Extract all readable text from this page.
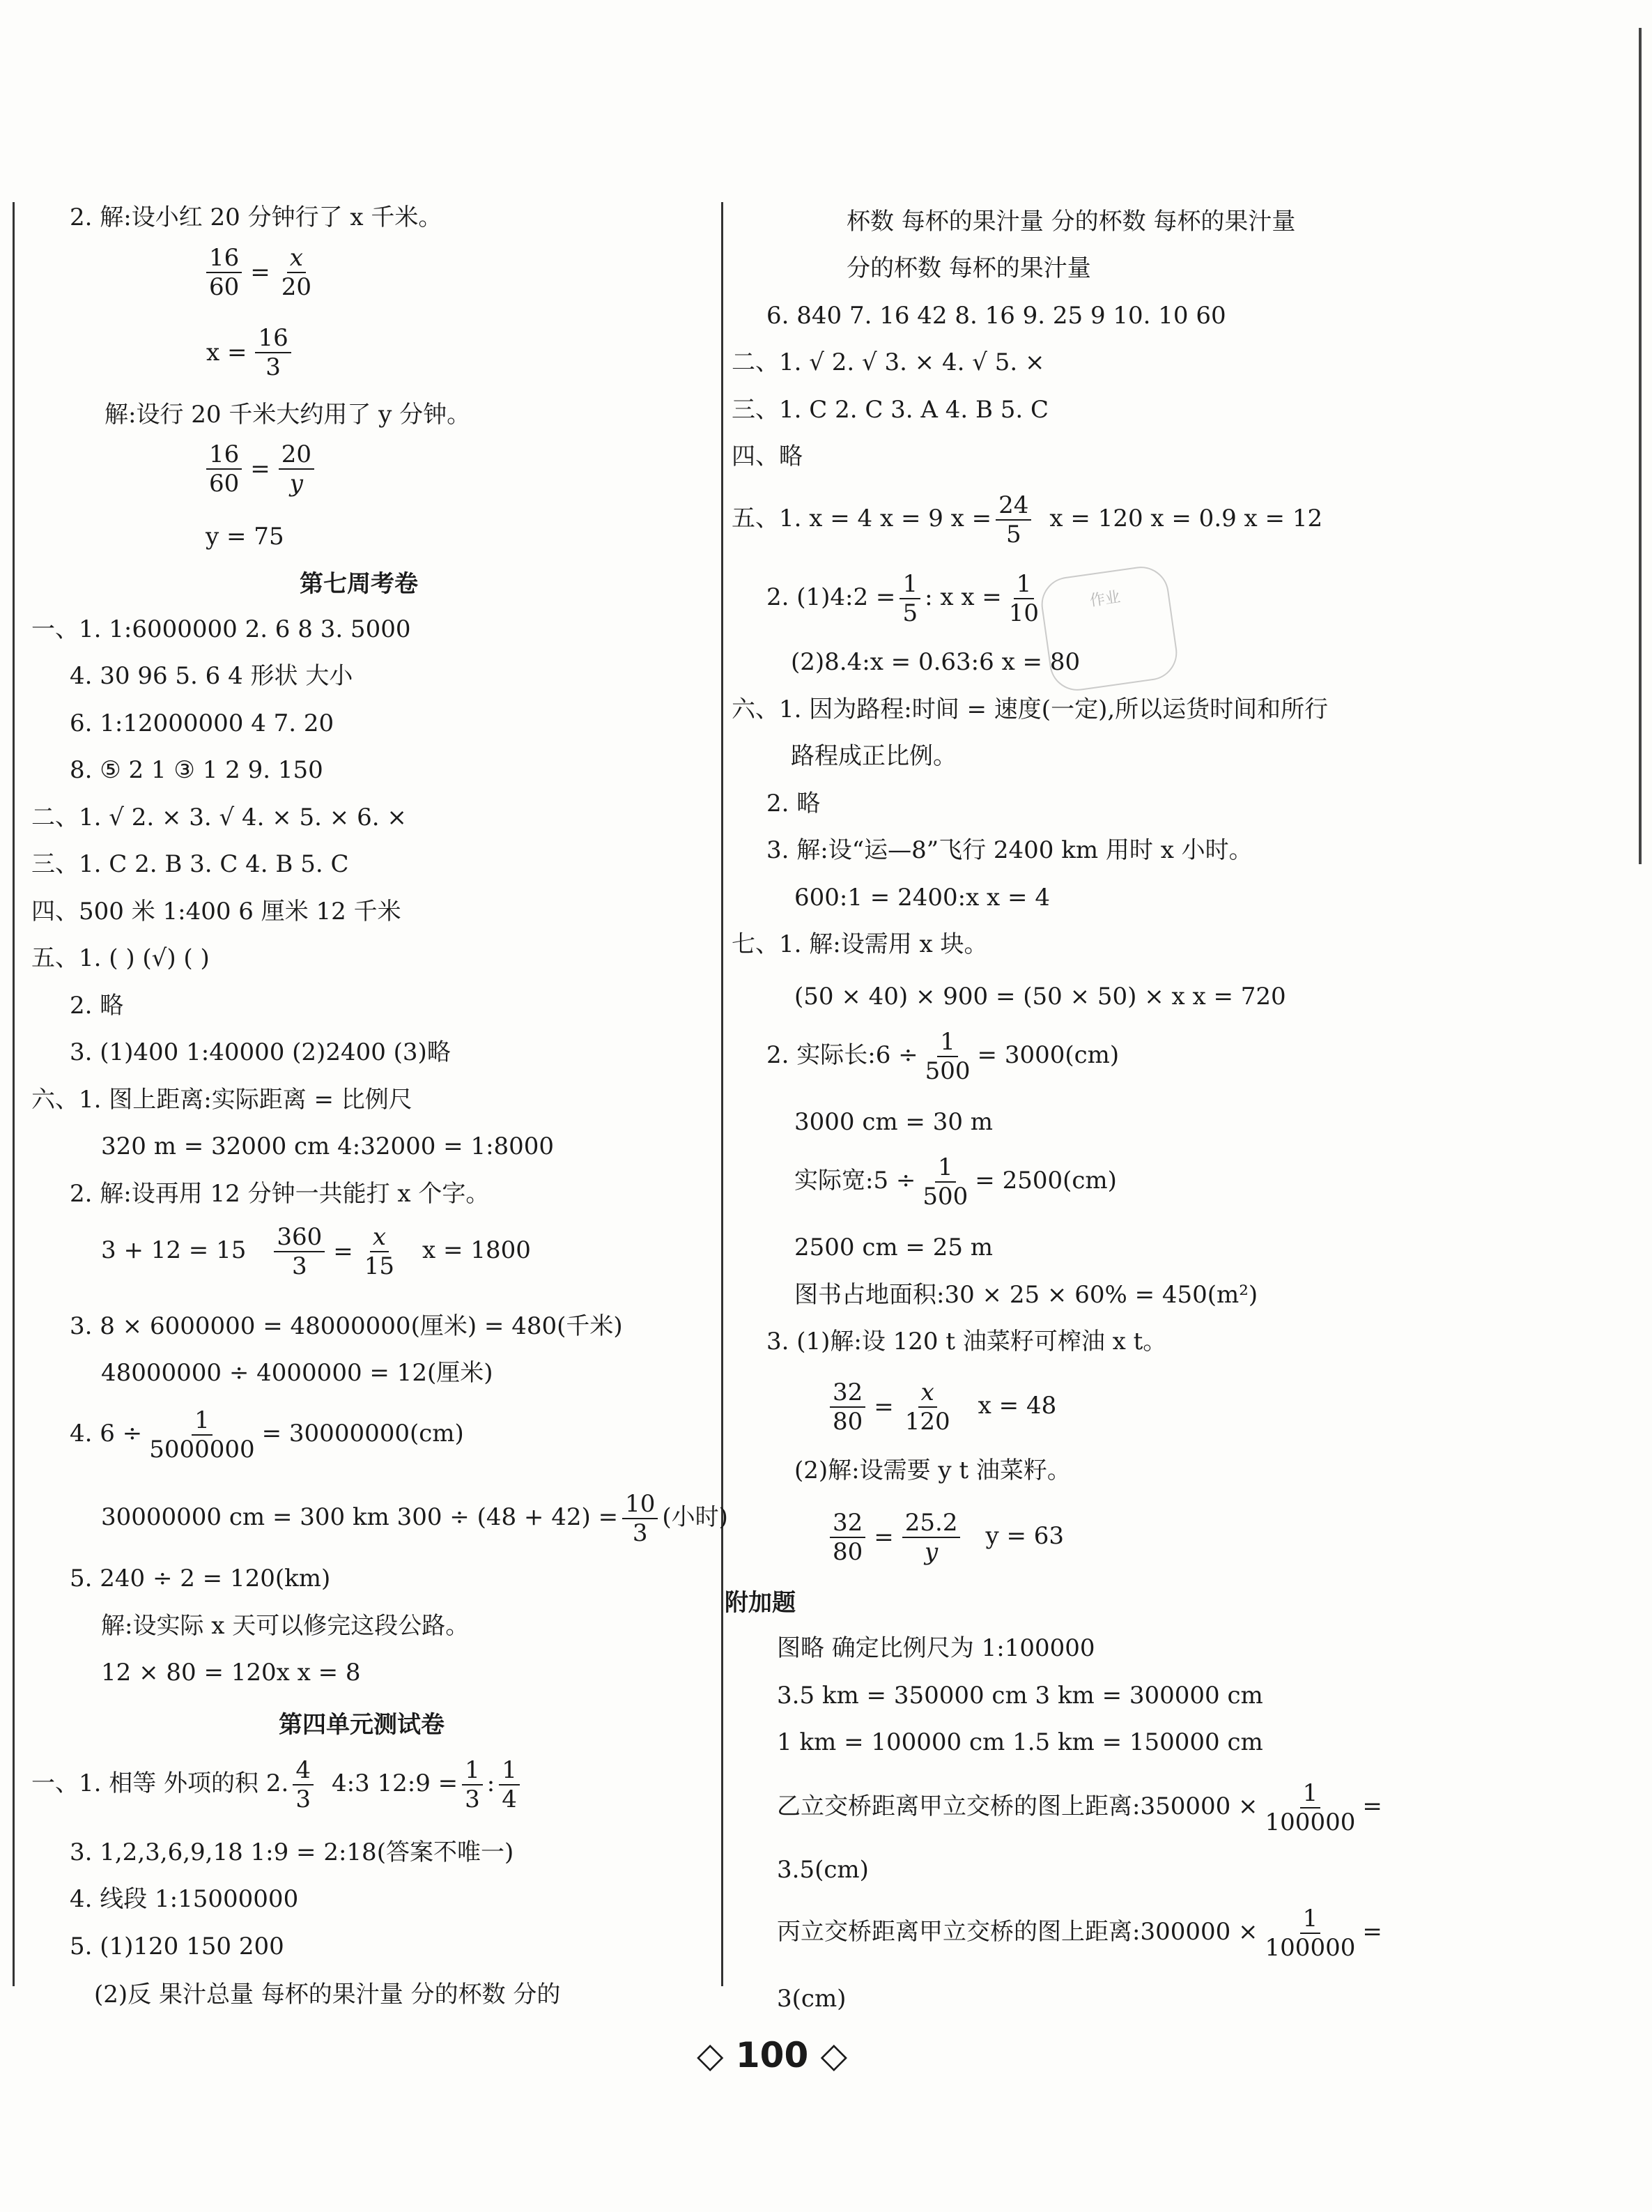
2. 解:设小红 20 分钟行了 x 千米。
$\frac{16}{60} = \frac{x}{20}$
$x = \frac{16}{3}$
解:设行 20 千米大约用了 y 分钟。
$\frac{16}{60} = \frac{20}{y}$
y = 75
第七周考卷
一、1. 1:6000000 2. 6 8 3. 5000
4. 30 96 5. 6 4 形状 大小
6. 1:12000000 4 7. 20
8. ⑤ 2 1 ③ 1 2 9. 150
二、1. √ 2. × 3. √ 4. × 5. × 6. ×
三、1. C 2. B 3. C 4. B 5. C
四、500 米 1:400 6 厘米 12 千米
五、1. ( ) (√) ( )
2. 略
3. (1)400 1:40000 (2)2400 (3)略
六、1. 图上距离:实际距离 = 比例尺
320 m = 32000 cm 4:32000 = 1:8000
2. 解:设再用 12 分钟一共能打 x 个字。
$3 + 12 = 15 \frac{360}{3} = \frac{x}{15}$ x = 1800
3. 8 × 6000000 = 48000000(厘米) = 480(千米)
48000000 ÷ 4000000 = 12(厘米)
4. $6 \div \frac{1}{5000000} = 30000000(cm)$
30000000 cm = 300 km $300 \div (48 + 42) = \frac{10}{3}$ (小时)
5. 240 ÷ 2 = 120(km)
解:设实际 x 天可以修完这段公路。
12 × 80 = 120x x = 8
第四单元测试卷
一、1. 相等 外项的积 2. $\frac{4}{3}$ 4:3 12:9 = $\frac{1}{3}$ : $\frac{1}{4}$
3. 1,2,3,6,9,18 1:9 = 2:18(答案不唯一)
4. 线段 1:15000000
5. (1)120 150 200
(2)反 果汁总量 每杯的果汁量 分的杯数 分的
杯数 每杯的果汁量 分的杯数 每杯的果汁量
分的杯数 每杯的果汁量
6. 840 7. 16 42 8. 16 9. 25 9 10. 10 60
二、1. √ 2. √ 3. × 4. √ 5. ×
三、1. C 2. C 3. A 4. B 5. C
四、略
五、1. x = 4 x = 9 $x = \frac{24}{5}$ x = 120 x = 0.9 x = 12
2. (1)4:2 = $\frac{1}{5}$ : x $x = \frac{1}{10}$
(2)8.4:x = 0.63:6 x = 80
六、1. 因为路程:时间 = 速度(一定),所以运货时间和所行
路程成正比例。
2. 略
3. 解:设“运—8”飞行 2400 km 用时 x 小时。
600:1 = 2400:x x = 4
七、1. 解:设需用 x 块。
(50 × 40) × 900 = (50 × 50) × x x = 720
2. 实际长:6 ÷ $\frac{1}{500} = 3000(cm)$
3000 cm = 30 m
实际宽:5 ÷ $\frac{1}{500} = 2500(cm)$
2500 cm = 25 m
图书占地面积:30 × 25 × 60% = 450(m²)
3. (1)解:设 120 t 油菜籽可榨油 x t。
$\frac{32}{80} = \frac{x}{120}$ x = 48
(2)解:设需要 y t 油菜籽。
$\frac{32}{80} = \frac{25.2}{y}$ y = 63
附加题
图略 确定比例尺为 1:100000
3.5 km = 350000 cm 3 km = 300000 cm
1 km = 100000 cm 1.5 km = 150000 cm
乙立交桥距离甲立交桥的图上距离:350000 × $\frac{1}{100000}$ =
3.5(cm)
丙立交桥距离甲立交桥的图上距离:300000 × $\frac{1}{100000}$ =
3(cm)
作业
◇ 100 ◇
